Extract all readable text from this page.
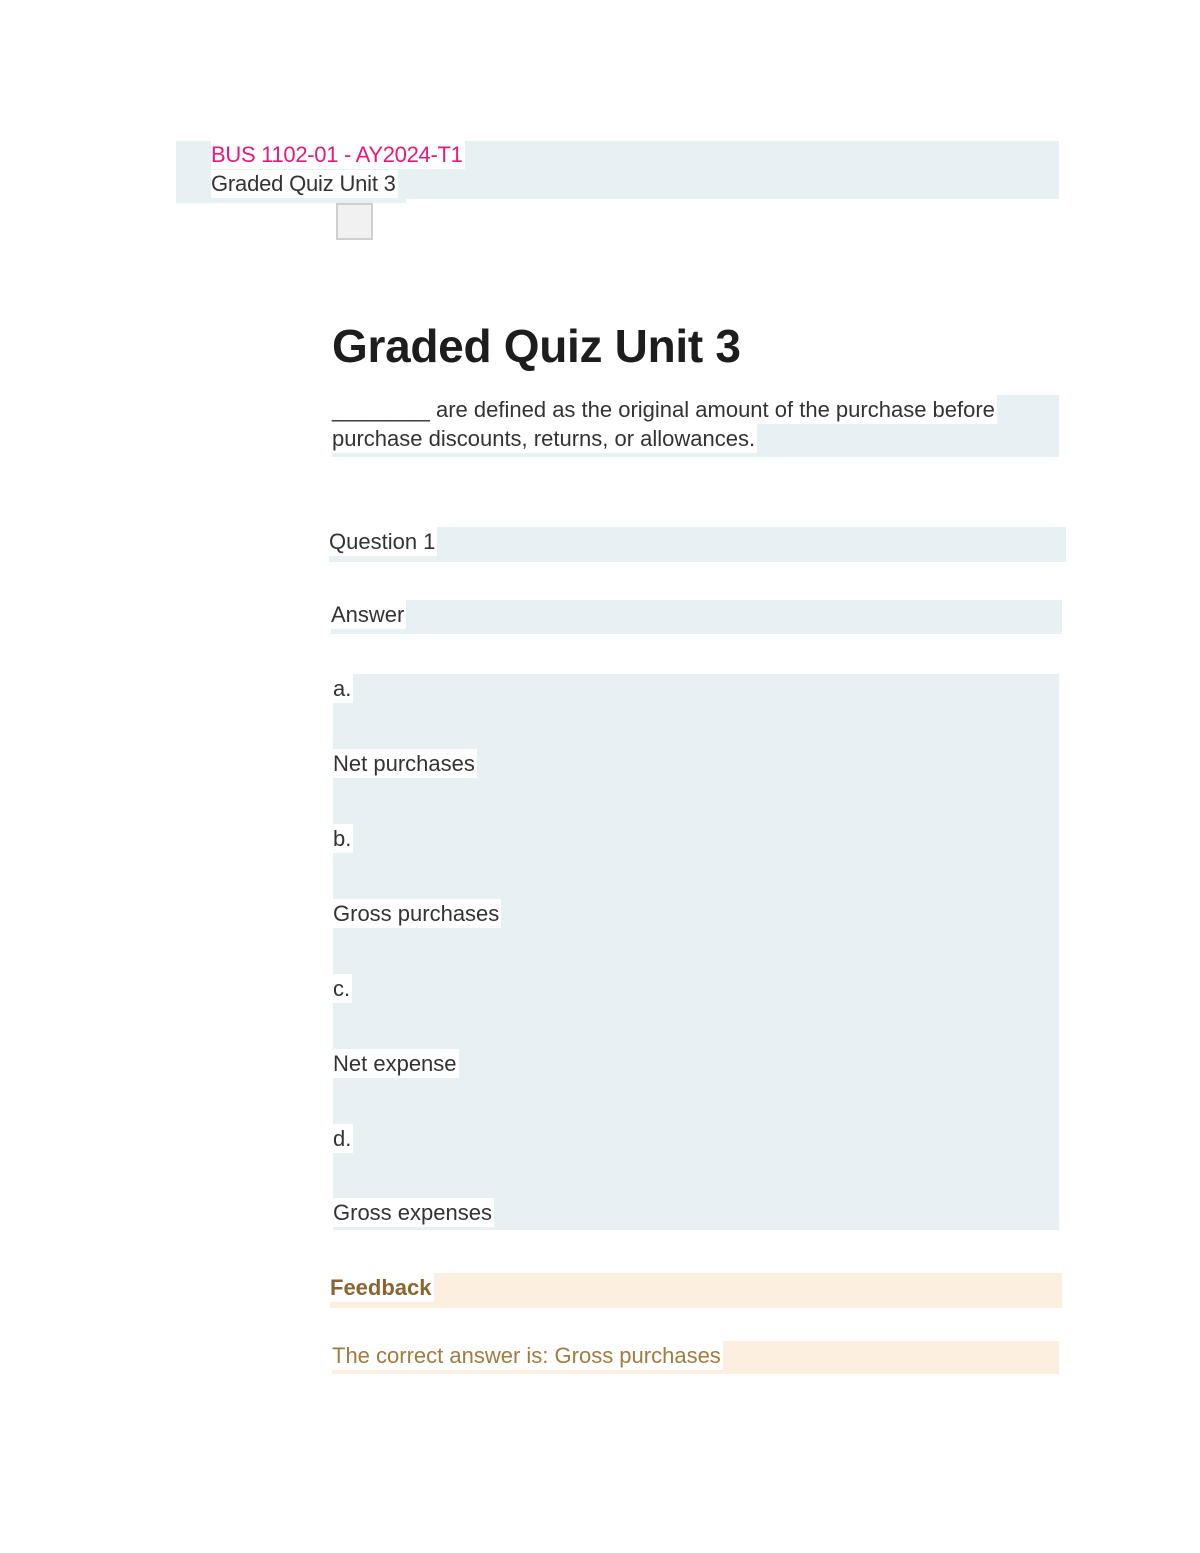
BUS 1102-01 - AY2024-T1
Graded Quiz Unit 3
Graded Quiz Unit 3
________ are defined as the original amount of the purchase before
purchase discounts, returns, or allowances.
Question 1
Answer
a.
Net purchases
b.
Gross purchases
c.
Net expense
d.
Gross expenses
Feedback
The correct answer is: Gross purchases
